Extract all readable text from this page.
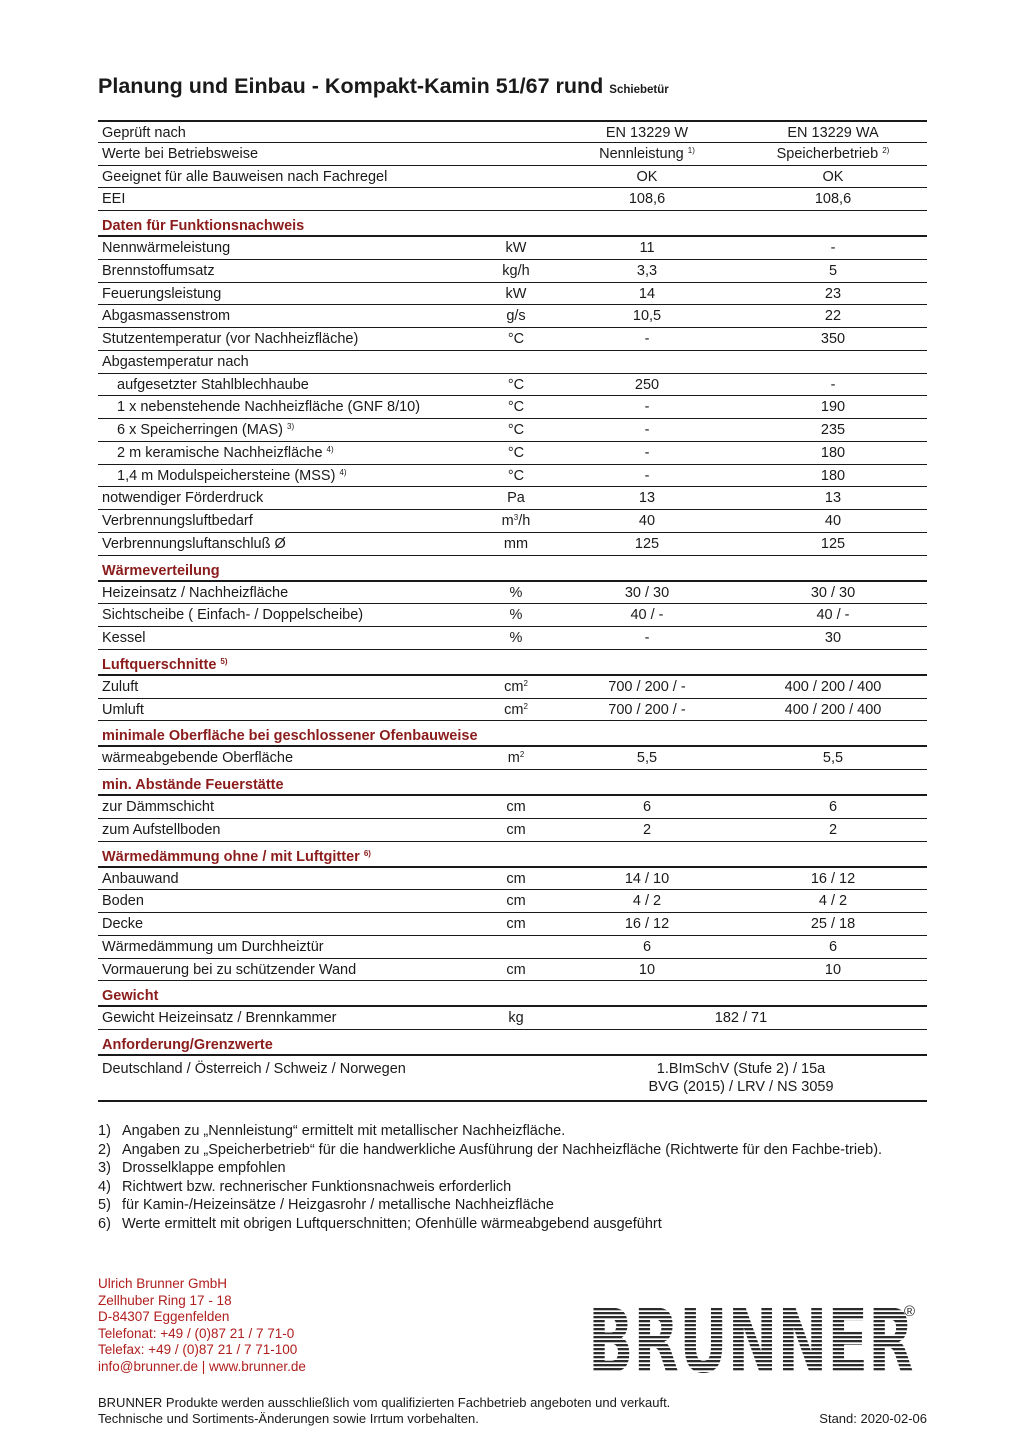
Planung und Einbau - Kompakt-Kamin 51/67 rund Schiebetür
Geprüft nach	EN 13229 W	EN 13229 WA
Werte bei Betriebsweise	Nennleistung $^{1)}$	Speicherbetrieb $^{2)}$
Geeignet für alle Bauweisen nach Fachregel	OK	OK
EEI	108,6	108,6
Daten für Funktionsnachweis
Nennwärmeleistung	kW	11	-
Brennstoffumsatz	kg/h	3,3	5
Feuerungsleistung	kW	14	23
Abgasmassenstrom	g/s	10,5	22
Stutzentemperatur (vor Nachheizfläche)	°C	-	350
Abgastemperatur nach
aufgesetzter Stahlblechhaube	°C	250	-
1 x nebenstehende Nachheizfläche (GNF 8/10)	°C	-	190
6 x Speicherringen (MAS) $^{3)}$	°C	-	235
2 m keramische Nachheizfläche $^{4)}$	°C	-	180
1,4 m Modulspeichersteine (MSS) $^{4)}$	°C	-	180
notwendiger Förderdruck	Pa	13	13
Verbrennungsluftbedarf	$m^3/h$	40	40
Verbrennungsluftanschluß Ø	mm	125	125
Wärmeverteilung
Heizeinsatz / Nachheizfläche	%	30 / 30	30 / 30
Sichtscheibe ( Einfach- / Doppelscheibe)	%	40 / -	40 / -
Kessel	%	-	30
Luftquerschnitte $^{5)}$
Zuluft	$cm^2$	700 / 200 / -	400 / 200 / 400
Umluft	$cm^2$	700 / 200 / -	400 / 200 / 400
minimale Oberfläche bei geschlossener Ofenbauweise
wärmeabgebende Oberfläche	$m^2$	5,5	5,5
min. Abstände Feuerstätte
zur Dämmschicht	cm	6	6
zum Aufstellboden	cm	2	2
Wärmedämmung ohne / mit Luftgitter $^{6)}$
Anbauwand	cm	14 / 10	16 / 12
Boden	cm	4 / 2	4 / 2
Decke	cm	16 / 12	25 / 18
Wärmedämmung um Durchheiztür	6	6
Vormauerung bei zu schützender Wand	cm	10	10
Gewicht
Gewicht Heizeinsatz / Brennkammer	kg	182 / 71
Anforderung/Grenzwerte
Deutschland / Österreich / Schweiz / Norwegen	1.BImSchV (Stufe 2) / 15a
BVG (2015) / LRV / NS 3059
1) Angaben zu „Nennleistung“ ermittelt mit metallischer Nachheizfläche.
2) Angaben zu „Speicherbetrieb“ für die handwerkliche Ausführung der Nachheizfläche (Richtwerte für den Fachbe-trieb).
3) Drosselklappe empfohlen
4) Richtwert bzw. rechnerischer Funktionsnachweis erforderlich
5) für Kamin-/Heizeinsätze / Heizgasrohr / metallische Nachheizfläche
6) Werte ermittelt mit obrigen Luftquerschnitten; Ofenhülle wärmeabgebend ausgeführt
Ulrich Brunner GmbH
Zellhuber Ring 17 - 18
D-84307 Eggenfelden
Telefonat: +49 / (0)87 21 / 7 71-0
Telefax: +49 / (0)87 21 / 7 71-100
info@brunner.de | www.brunner.de	BRUNNER
®
BRUNNER Produkte werden ausschließlich vom qualifizierten Fachbetrieb angeboten und verkauft.
Technische und Sortiments-Änderungen sowie Irrtum vorbehalten.	Stand: 2020-02-06
